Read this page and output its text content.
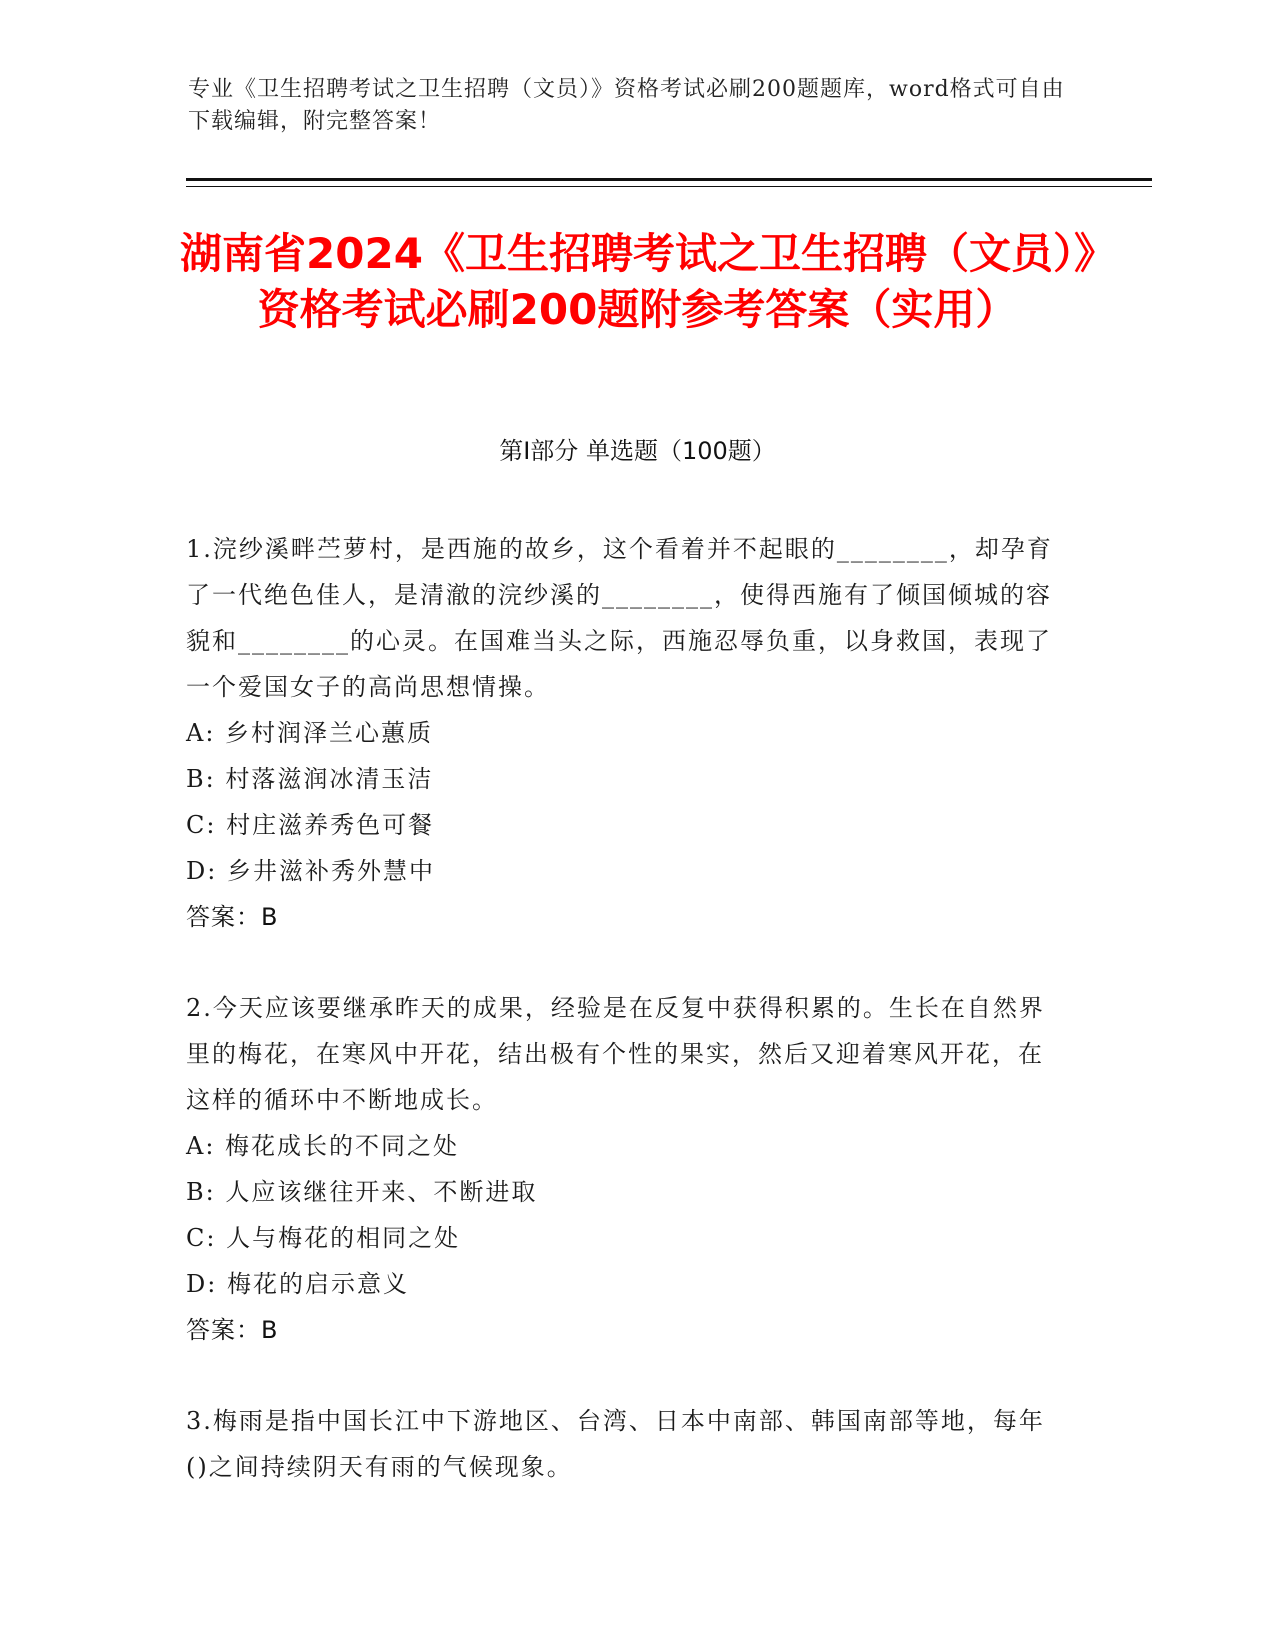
专业《卫生招聘考试之卫生招聘（文员）》资格考试必刷200题题库，word格式可自由下载编辑，附完整答案！
湖南省2024《卫生招聘考试之卫生招聘（文员）》资格考试必刷200题附参考答案（实用）
第I部分 单选题（100题）
1.浣纱溪畔苎萝村，是西施的故乡，这个看着并不起眼的________，却孕育了一代绝色佳人，是清澈的浣纱溪的________，使得西施有了倾国倾城的容貌和________的心灵。在国难当头之际，西施忍辱负重，以身救国，表现了一个爱国女子的高尚思想情操。
A: 乡村润泽兰心蕙质
B: 村落滋润冰清玉洁
C: 村庄滋养秀色可餐
D: 乡井滋补秀外慧中
答案：B
2.今天应该要继承昨天的成果，经验是在反复中获得积累的。生长在自然界里的梅花，在寒风中开花，结出极有个性的果实，然后又迎着寒风开花，在这样的循环中不断地成长。
A: 梅花成长的不同之处
B: 人应该继往开来、不断进取
C: 人与梅花的相同之处
D: 梅花的启示意义
答案：B
3.梅雨是指中国长江中下游地区、台湾、日本中南部、韩国南部等地，每年()之间持续阴天有雨的气候现象。
